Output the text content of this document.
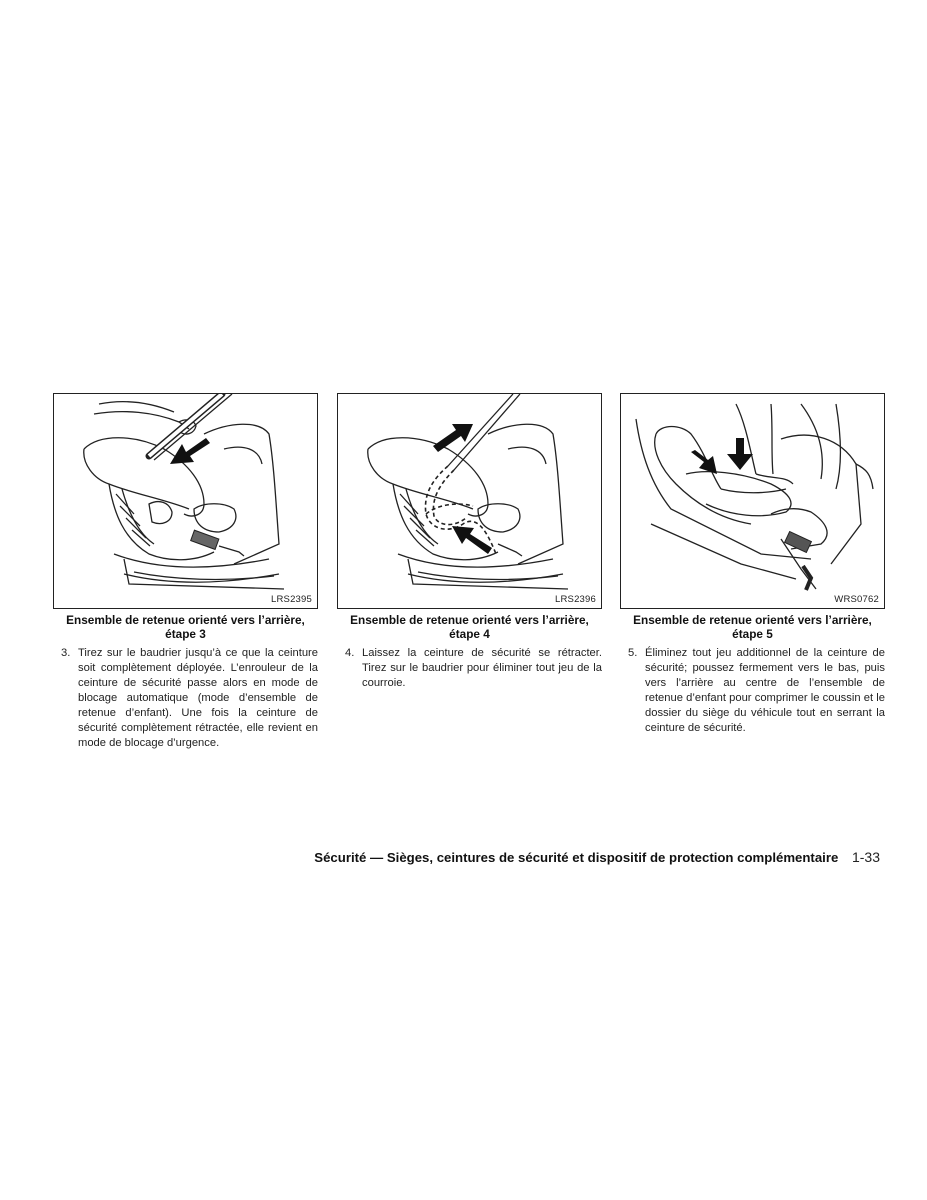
LRS2395
Ensemble de retenue orienté vers l’arrière,
étape 3
3. Tirez sur le baudrier jusqu’à ce que la ceinture soit complètement déployée. L’enrouleur de la ceinture de sécurité passe alors en mode de blocage automatique (mode d’ensemble de retenue d’enfant). Une fois la ceinture de sécurité complètement rétractée, elle revient en mode de blocage d’urgence.
LRS2396
Ensemble de retenue orienté vers l’arrière,
étape 4
4. Laissez la ceinture de sécurité se rétracter. Tirez sur le baudrier pour éliminer tout jeu de la courroie.
WRS0762
Ensemble de retenue orienté vers l’arrière,
étape 5
5. Éliminez tout jeu additionnel de la ceinture de sécurité; poussez fermement vers le bas, puis vers l’arrière au centre de l’ensemble de retenue d’enfant pour comprimer le coussin et le dossier du siège du véhicule tout en serrant la ceinture de sécurité.
Sécurité — Sièges, ceintures de sécurité et dispositif de protection complémentaire 1-33
